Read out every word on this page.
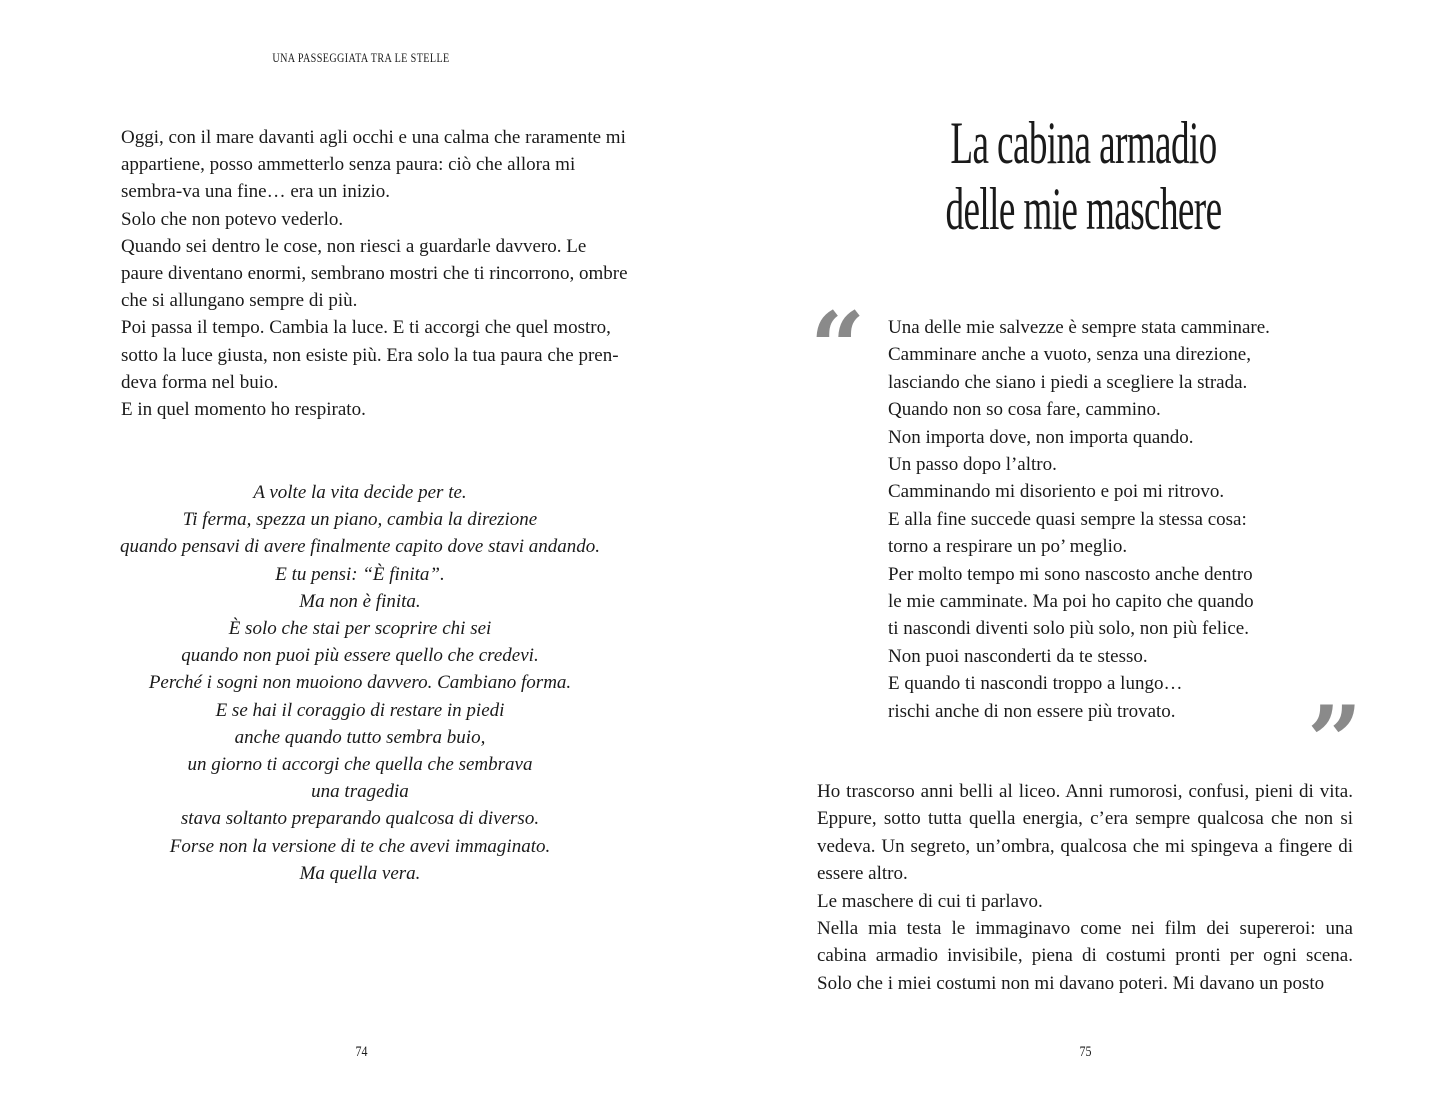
UNA PASSEGGIATA TRA LE STELLE

Oggi, con il mare davanti agli occhi e una calma che raramente mi appartiene, posso ammetterlo senza paura: ciò che allora mi sembra-va una fine… era un inizio.

Solo che non potevo vederlo.

Quando sei dentro le cose, non riesci a guardarle davvero. Le paure diventano enormi, sembrano mostri che ti rincorrono, ombre che si allungano sempre di più.

Poi passa il tempo. Cambia la luce. E ti accorgi che quel mostro, sotto la luce giusta, non esiste più. Era solo la tua paura che pren-deva forma nel buio.

E in quel momento ho respirato.

A volte la vita decide per te.

Ti ferma, spezza un piano, cambia la direzione

quando pensavi di avere finalmente capito dove stavi andando.

E tu pensi: “È finita”.

Ma non è finita.

È solo che stai per scoprire chi sei

quando non puoi più essere quello che credevi.

Perché i sogni non muoiono davvero. Cambiano forma.

E se hai il coraggio di restare in piedi

anche quando tutto sembra buio,

un giorno ti accorgi che quella che sembrava

una tragedia

stava soltanto preparando qualcosa di diverso.

Forse non la versione di te che avevi immaginato.

Ma quella vera.

74
La cabina armadio
delle mie maschere
“ Una delle mie salvezze è sempre stata camminare.

Camminare anche a vuoto, senza una direzione,

lasciando che siano i piedi a scegliere la strada.

Quando non so cosa fare, cammino.

Non importa dove, non importa quando.

Un passo dopo l’altro.

Camminando mi disoriento e poi mi ritrovo.

E alla fine succede quasi sempre la stessa cosa:

torno a respirare un po’ meglio.

Per molto tempo mi sono nascosto anche dentro

le mie camminate. Ma poi ho capito che quando

ti nascondi diventi solo più solo, non più felice.

Non puoi nasconderti da te stesso.

E quando ti nascondi troppo a lungo…

rischi anche di non essere più trovato.	”

Ho trascorso anni belli al liceo. Anni rumorosi, confusi, pieni di vita. Eppure, sotto tutta quella energia, c’era sempre qualcosa che non si vedeva. Un segreto, un’ombra, qualcosa che mi spingeva a fingere di essere altro.

Le maschere di cui ti parlavo.

Nella mia testa le immaginavo come nei film dei supereroi: una cabina armadio invisibile, piena di costumi pronti per ogni scena. Solo che i miei costumi non mi davano poteri. Mi davano un posto

75
